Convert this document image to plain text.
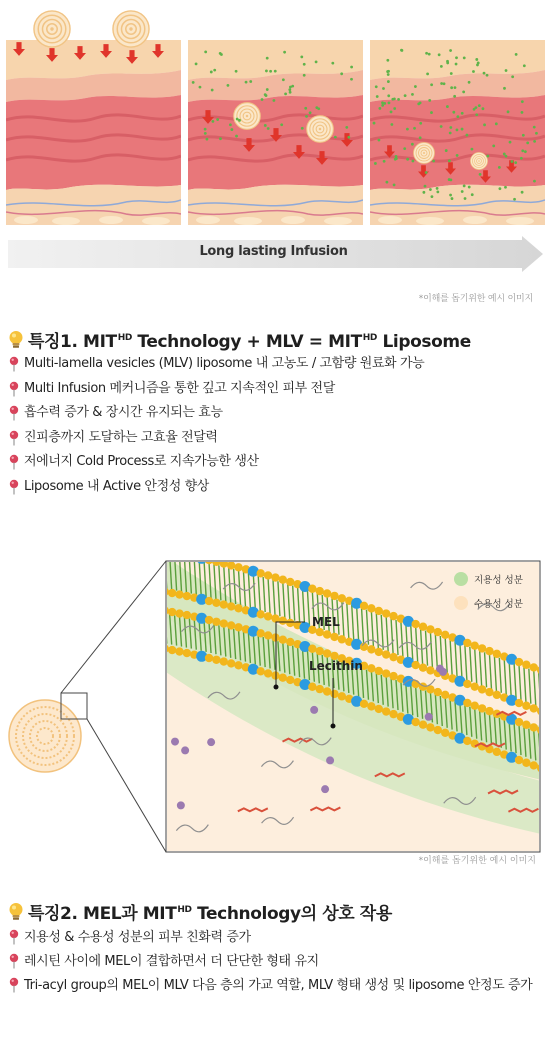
Long lasting Infusion
*이해를 돕기위한 예시 이미지
특징1. $MIT^{HD}$ Technology + MLV = $MIT^{HD}$ Liposome
Multi-lamella vesicles (MLV) liposome 내 고농도 / 고함량 원료화 가능
Multi Infusion 메커니즘을 통한 깊고 지속적인 피부 전달
흡수력 증가 & 장시간 유지되는 효능
진피층까지 도달하는 고효율 전달력
저에너지 Cold Process로 지속가능한 생산
Liposome 내 Active 안정성 향상
지용성 성분
수용성 성분
MEL
Lecithin
*이해를 돕기위한 예시 이미지
특징2. MEL과 $MIT^{HD}$ Technology의 상호 작용
지용성 & 수용성 성분의 피부 친화력 증가
레시틴 사이에 MEL이 결합하면서 더 단단한 형태 유지
Tri-acyl group의 MEL이 MLV 다음 층의 가교 역할, MLV 형태 생성 및 liposome 안정도 증가
